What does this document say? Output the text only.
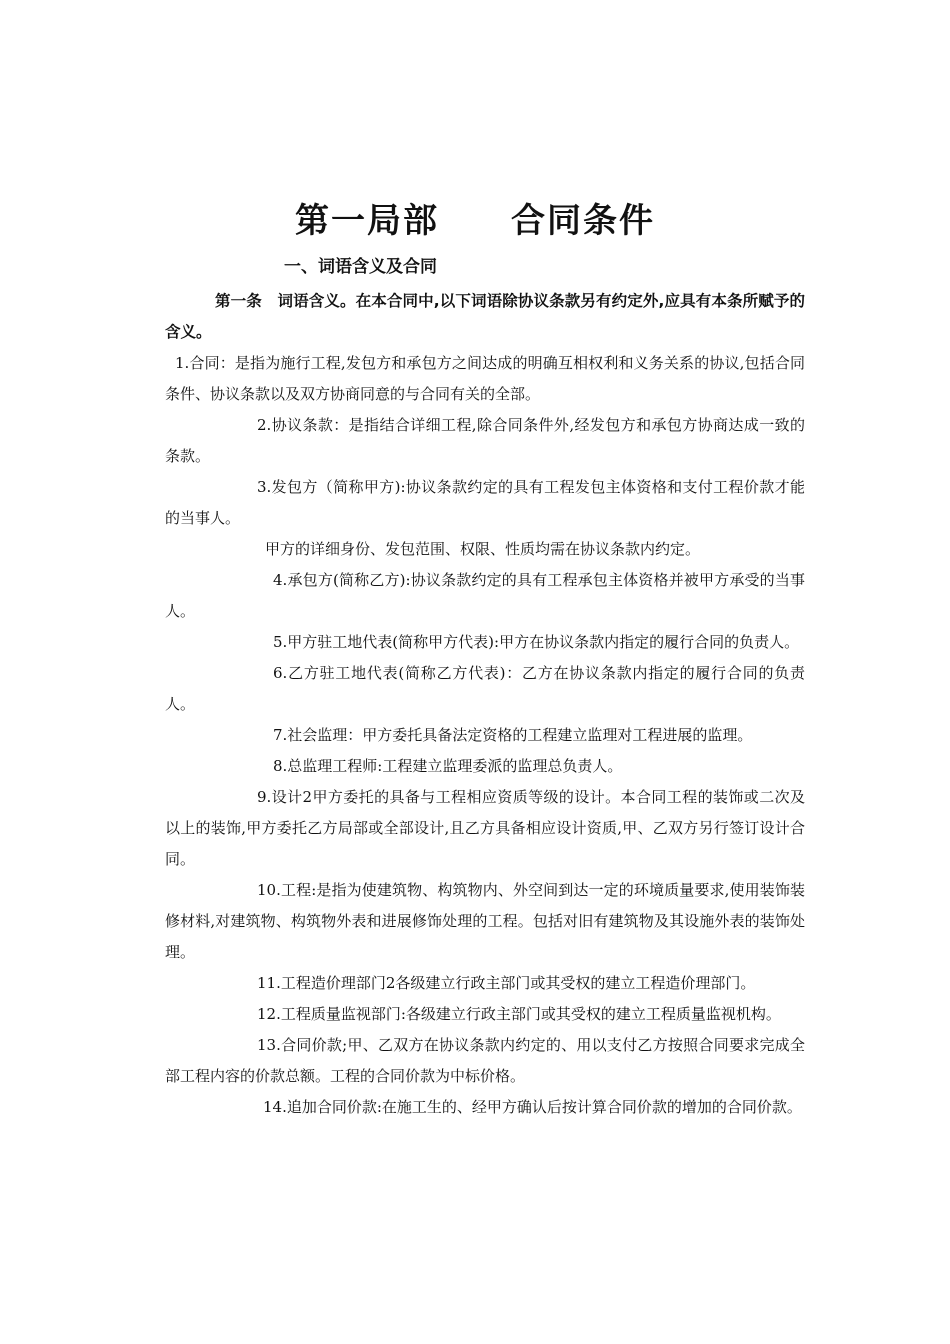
第一局部 合同条件
一、词语含义及合同

第一条　词语含义。在本合同中,以下词语除协议条款另有约定外,应具有本条所赋予的含义。

1.合同：是指为施行工程,发包方和承包方之间达成的明确互相权利和义务关系的协议,包括合同条件、协议条款以及双方协商同意的与合同有关的全部。

2.协议条款：是指结合详细工程,除合同条件外,经发包方和承包方协商达成一致的条款。

3.发包方（简称甲方):协议条款约定的具有工程发包主体资格和支付工程价款才能的当事人。

甲方的详细身份、发包范围、权限、性质均需在协议条款内约定。

4.承包方(简称乙方):协议条款约定的具有工程承包主体资格并被甲方承受的当事人。

5.甲方驻工地代表(简称甲方代表):甲方在协议条款内指定的履行合同的负责人。

6.乙方驻工地代表(简称乙方代表)：乙方在协议条款内指定的履行合同的负责人。

7.社会监理：甲方委托具备法定资格的工程建立监理对工程进展的监理。

8.总监理工程师:工程建立监理委派的监理总负责人。

9.设计2甲方委托的具备与工程相应资质等级的设计。本合同工程的装饰或二次及以上的装饰,甲方委托乙方局部或全部设计,且乙方具备相应设计资质,甲、乙双方另行签订设计合同。

10.工程:是指为使建筑物、构筑物内、外空间到达一定的环境质量要求,使用装饰装修材料,对建筑物、构筑物外表和进展修饰处理的工程。包括对旧有建筑物及其设施外表的装饰处理。

11.工程造价理部门2各级建立行政主部门或其受权的建立工程造价理部门。

12.工程质量监视部门:各级建立行政主部门或其受权的建立工程质量监视机构。

13.合同价款;甲、乙双方在协议条款内约定的、用以支付乙方按照合同要求完成全部工程内容的价款总额。工程的合同价款为中标价格。

14.追加合同价款:在施工生的、经甲方确认后按计算合同价款的增加的合同价款。
